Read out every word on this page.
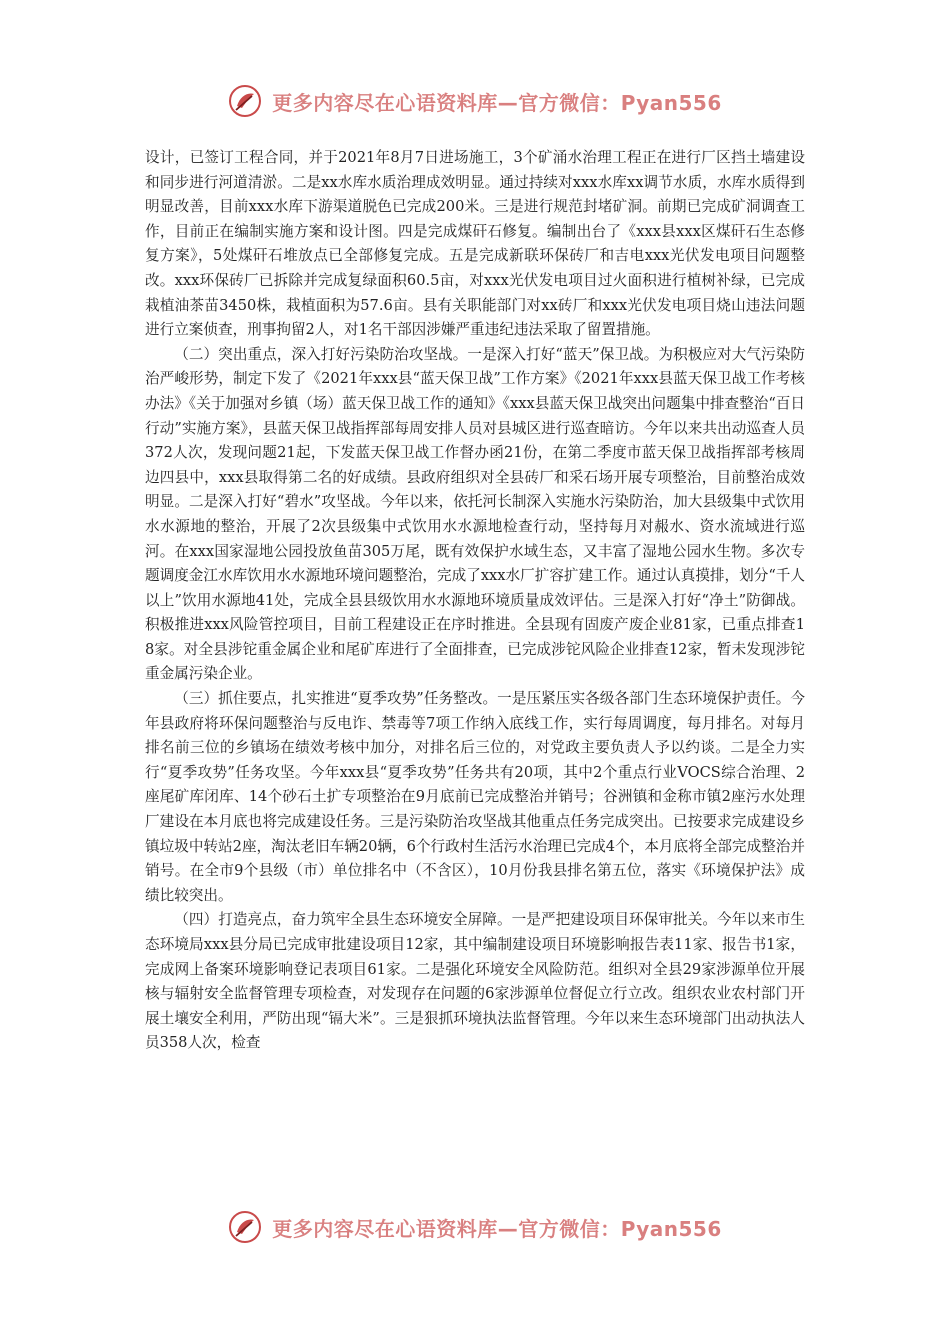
更多内容尽在心语资料库—官方微信：Pyan556

设计，已签订工程合同，并于2021年8月7日进场施工，3个矿涌水治理工程正在进行厂区挡土墙建设和同步进行河道清淤。二是xx水库水质治理成效明显。通过持续对xxx水库xx调节水质，水库水质得到明显改善，目前xxx水库下游渠道脱色已完成200米。三是进行规范封堵矿洞。前期已完成矿洞调查工作，目前正在编制实施方案和设计图。四是完成煤矸石修复。编制出台了《xxx县xxx区煤矸石生态修复方案》，5处煤矸石堆放点已全部修复完成。五是完成新联环保砖厂和吉电xxx光伏发电项目问题整改。xxx环保砖厂已拆除并完成复绿面积60.5亩，对xxx光伏发电项目过火面积进行植树补绿，已完成栽植油茶苗3450株，栽植面积为57.6亩。县有关职能部门对xx砖厂和xxx光伏发电项目烧山违法问题进行立案侦查，刑事拘留2人，对1名干部因涉嫌严重违纪违法采取了留置措施。

（二）突出重点，深入打好污染防治攻坚战。一是深入打好“蓝天”保卫战。为积极应对大气污染防治严峻形势，制定下发了《2021年xxx县“蓝天保卫战”工作方案》《2021年xxx县蓝天保卫战工作考核办法》《关于加强对乡镇（场）蓝天保卫战工作的通知》《xxx县蓝天保卫战突出问题集中排查整治“百日行动”实施方案》，县蓝天保卫战指挥部每周安排人员对县城区进行巡查暗访。今年以来共出动巡查人员372人次，发现问题21起，下发蓝天保卫战工作督办函21份，在第二季度市蓝天保卫战指挥部考核周边四县中，xxx县取得第二名的好成绩。县政府组织对全县砖厂和采石场开展专项整治，目前整治成效明显。二是深入打好“碧水”攻坚战。今年以来，依托河长制深入实施水污染防治，加大县级集中式饮用水水源地的整治，开展了2次县级集中式饮用水水源地检查行动，坚持每月对赧水、资水流域进行巡河。在xxx国家湿地公园投放鱼苗305万尾，既有效保护水域生态，又丰富了湿地公园水生物。多次专题调度金江水库饮用水水源地环境问题整治，完成了xxx水厂扩容扩建工作。通过认真摸排，划分“千人以上”饮用水源地41处，完成全县县级饮用水水源地环境质量成效评估。三是深入打好“净土”防御战。积极推进xxx风险管控项目，目前工程建设正在序时推进。全县现有固废产废企业81家，已重点排查18家。对全县涉铊重金属企业和尾矿库进行了全面排查，已完成涉铊风险企业排查12家，暂未发现涉铊重金属污染企业。

（三）抓住要点，扎实推进“夏季攻势”任务整改。一是压紧压实各级各部门生态环境保护责任。今年县政府将环保问题整治与反电诈、禁毒等7项工作纳入底线工作，实行每周调度，每月排名。对每月排名前三位的乡镇场在绩效考核中加分，对排名后三位的，对党政主要负责人予以约谈。二是全力实行“夏季攻势”任务攻坚。今年xxx县“夏季攻势”任务共有20项，其中2个重点行业VOCS综合治理、2座尾矿库闭库、14个砂石土扩专项整治在9月底前已完成整治并销号；谷洲镇和金称市镇2座污水处理厂建设在本月底也将完成建设任务。三是污染防治攻坚战其他重点任务完成突出。已按要求完成建设乡镇垃圾中转站2座，淘汰老旧车辆20辆，6个行政村生活污水治理已完成4个，本月底将全部完成整治并销号。在全市9个县级（市）单位排名中（不含区），10月份我县排名第五位，落实《环境保护法》成绩比较突出。

（四）打造亮点，奋力筑牢全县生态环境安全屏障。一是严把建设项目环保审批关。今年以来市生态环境局xxx县分局已完成审批建设项目12家，其中编制建设项目环境影响报告表11家、报告书1家，完成网上备案环境影响登记表项目61家。二是强化环境安全风险防范。组织对全县29家涉源单位开展核与辐射安全监督管理专项检查，对发现存在问题的6家涉源单位督促立行立改。组织农业农村部门开展土壤安全利用，严防出现“镉大米”。三是狠抓环境执法监督管理。今年以来生态环境部门出动执法人员358人次，检查

更多内容尽在心语资料库—官方微信：Pyan556
